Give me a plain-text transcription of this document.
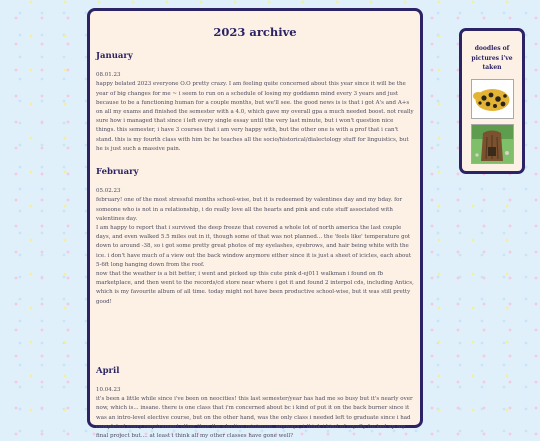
2023 archive
January

08.01.23

happy belated 2023 everyone O.O pretty crazy. I am feeling quite concerned about this year since it will be the year of big changes for me ~ i seem to run on a schedule of losing my goddamn mind every 3 years and just because to be a functioning human for a couple months, but we'll see. the good news is is that i got A's and A+s on all my exams and finished the semester with a 4.0, which gave my overall gpa a much needed boost. not really sure how i managed that since i left every single essay until the very last minute, but i won't question nice things. this semester, i have 3 courses that i am very happy with, but the other one is with a prof that i can't stand. this is my fourth class with him bc he teaches all the socio/historical/dialectology stuff for linguistics, but he is just such a massive pain.

February

05.02.23

february! one of the most stressful months school-wise, but it is redeemed by valentines day and my bday. for someone who is not in a relationship, i do really love all the hearts and pink and cute stuff associated with valentines day.
I am happy to report that i survived the deep freeze that covered a whole lot of north america the last couple days, and even walked 5.5 miles out in it, though some of that was not planned... the 'feels like' temperature got down to around -38, so i got some pretty great photos of my eyelashes, eyebrows, and hair being white with the ice. i don't have much of a view out the back window anymore either since it is just a sheet of icicles, each about 5-6ft long hanging down from the roof.
now that the weather is a bit better, i went and picked up this cute pink d-ej011 walkman i found on fb marketplace, and then went to the records/cd store near where i got it and found 2 interpol cds, including Antics, which is my favourite album of all time. today might not have been productive school-wise, but it was still pretty good!

April

10.04.23

it's been a little while since i've been on neocities! this last semester/year has had me so busy but it's nearly over now, which is... insane. there is one class that i'm concerned about bc i kind of put it on the back burner since it was an intro-level elective course, but on the other hand, was the only class i needed left to graduate since i had completed every requirement other than the elective minimum. anyways, i think i kind of royally fucked up my final project but.... at least i think all my other classes have gone well?

doodles of
pictures i've
taken
